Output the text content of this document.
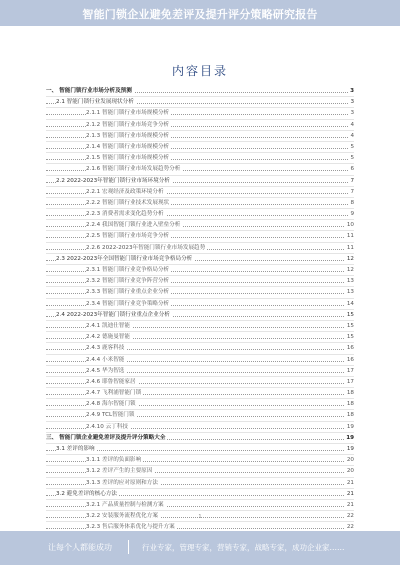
智能门锁企业避免差评及提升评分策略研究报告
内容目录
一、 智能门锁行业市场分析及预测	3
2.1 智能门锁行业发展现状分析	3
2.1.1 智能门锁行业市场规模分析	3
2.1.2 智能门锁行业市场竞争分析	4
2.1.3 智能门锁行业市场规模分析	4
2.1.4 智能门锁行业市场规模分析	5
2.1.5 智能门锁行业市场规模分析	5
2.1.6 智能门锁行业市场发展趋势分析	6
2.2 2022-2023年智能门锁行业市场环境分析	7
2.2.1 宏观经济及政策环境分析	7
2.2.2 智能门锁行业技术发展现状	8
2.2.3 消费者需求变化趋势分析	9
2.2.4 我国智能门锁行业进入壁垒分析	10
2.2.5 智能门锁行业市场竞争分析	11
2.2.6 2022-2023年智能门锁行业市场发展趋势	11
2.3 2022-2023年全国智能门锁行业市场竞争格局分析	12
2.3.1 智能门锁行业竞争格局分析	12
2.3.2 智能门锁行业竞争阵营分析	13
2.3.3 智能门锁行业重点企业分析	13
2.3.4 智能门锁行业竞争策略分析	14
2.4 2022-2023年智能门锁行业重点企业分析	15
2.4.1 凯迪仕智能	15
2.4.2 德施曼智能	15
2.4.3 鹿客科技	16
2.4.4 小米智能	16
2.4.5 华为智选	17
2.4.6 耶鲁智能家居	17
2.4.7 飞利浦智能门锁	18
2.4.8 海尔智能门锁	18
2.4.9 TCL智能门锁	18
2.4.10 云丁科技	19
三、 智能门锁企业避免差评及提升评分策略大全	19
3.1 差评的影响	19
3.1.1 差评的负面影响	20
3.1.2 差评产生的主要原因	20
3.1.3 差评的应对原则和方法	21
3.2 避免差评的核心方法	21
3.2.1 产品质量控制与检测方案	21
3.2.2 安装服务流程优化方案	22
3.2.3 售后服务体系优化与提升方案	22
1
让每个人都能成功	行业专家，管理专家，营销专家，战略专家，成功企业家……
